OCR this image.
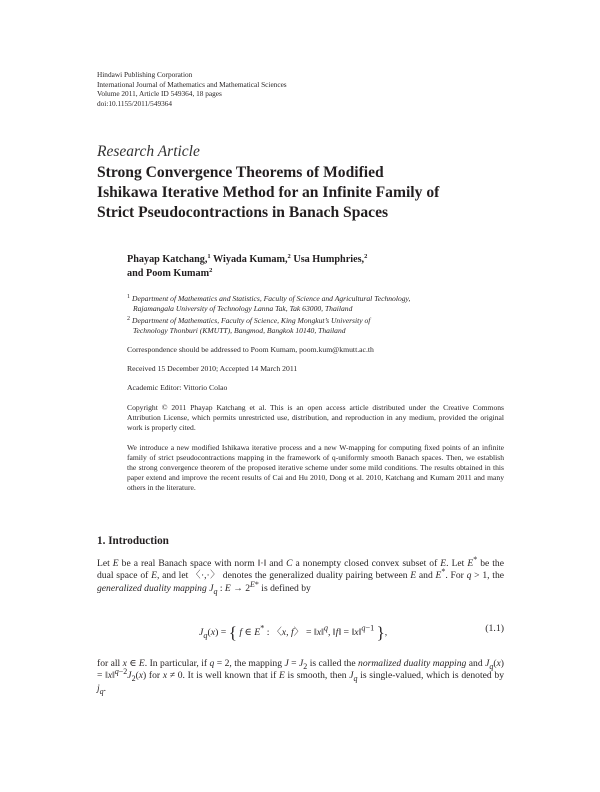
Hindawi Publishing Corporation
International Journal of Mathematics and Mathematical Sciences
Volume 2011, Article ID 549364, 18 pages
doi:10.1155/2011/549364
Research Article
Strong Convergence Theorems of Modified
Ishikawa Iterative Method for an Infinite Family of
Strict Pseudocontractions in Banach Spaces
Phayap Katchang,$^1$ Wiyada Kumam,$^2$ Usa Humphries,$^2$
and Poom Kumam$^2$
$^1$ Department of Mathematics and Statistics, Faculty of Science and Agricultural Technology,
Rajamangala University of Technology Lanna Tak, Tak 63000, Thailand
$^2$ Department of Mathematics, Faculty of Science, King Mongkut’s University of
Technology Thonburi (KMUTT), Bangmod, Bangkok 10140, Thailand
Correspondence should be addressed to Poom Kumam, poom.kum@kmutt.ac.th
Received 15 December 2010; Accepted 14 March 2011
Academic Editor: Vittorio Colao
Copyright © 2011 Phayap Katchang et al. This is an open access article distributed under the Creative Commons Attribution License, which permits unrestricted use, distribution, and reproduction in any medium, provided the original work is properly cited.
We introduce a new modified Ishikawa iterative process and a new W-mapping for computing fixed points of an infinite family of strict pseudocontractions mapping in the framework of q-uniformly smooth Banach spaces. Then, we establish the strong convergence theorem of the proposed iterative scheme under some mild conditions. The results obtained in this paper extend and improve the recent results of Cai and Hu 2010, Dong et al. 2010, Katchang and Kumam 2011 and many others in the literature.
1. Introduction
Let E be a real Banach space with norm ‖·‖ and C a nonempty closed convex subset of E. Let E* be the dual space of E, and let 〈·,·〉 denotes the generalized duality pairing between E and E*. For q > 1, the generalized duality mapping $J_q$ : $E \to 2^{E*}$ is defined by
$J_q(x)$ = { f ∈ E* : 〈x, f〉 = ‖x‖$^q$, ‖f‖ = ‖x‖$^{q-1}$ },	(1.1)
for all x ∈ E. In particular, if q = 2, the mapping $J = J_2$ is called the normalized duality mapping and $J_q(x)$ = $‖x‖^{q-2}J_2(x)$ for x ≠ 0. It is well known that if E is smooth, then $J_q$ is single-valued, which is denoted by $j_q$.
